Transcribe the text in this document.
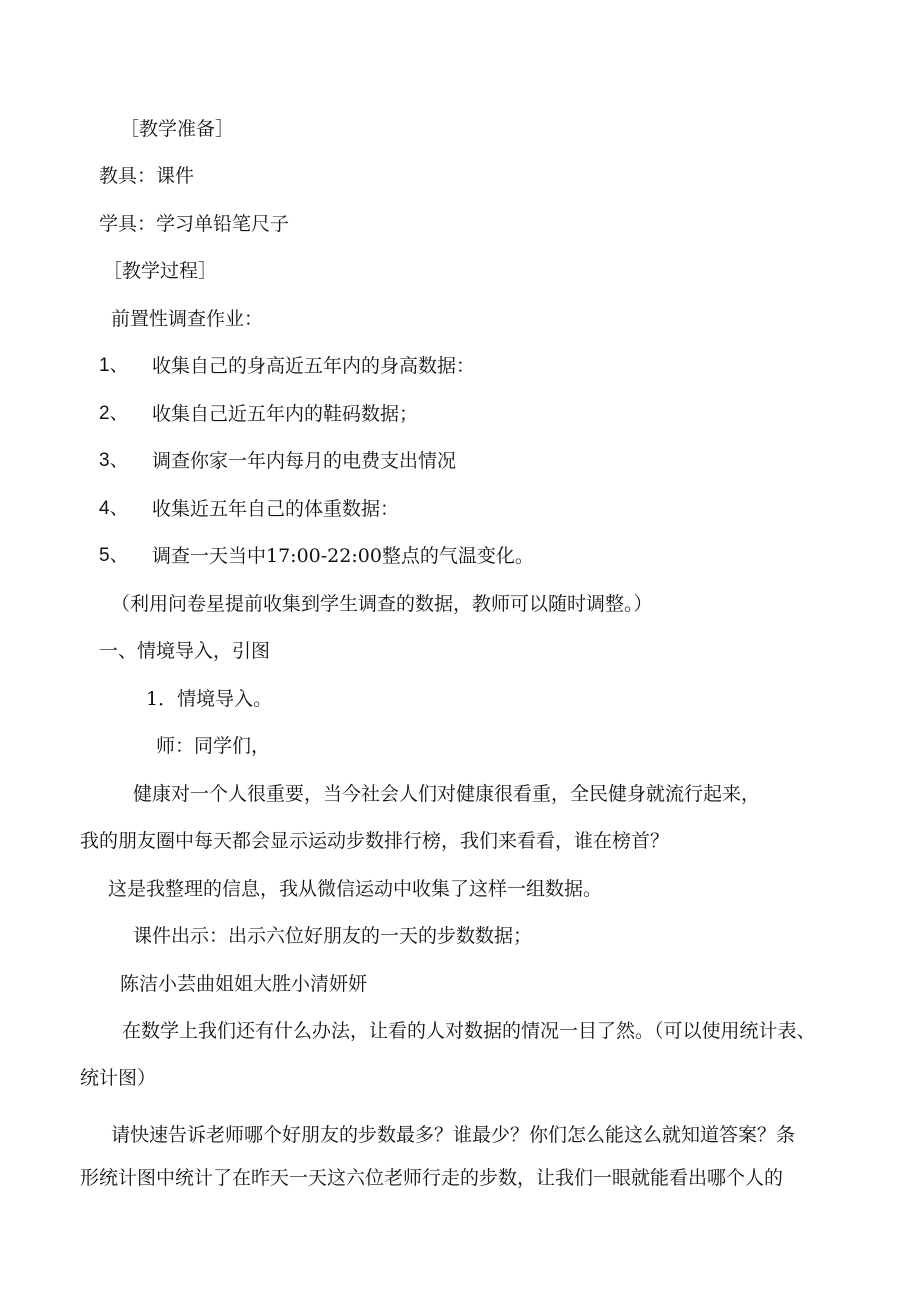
［教学准备］
教具：课件
学具：学习单铅笔尺子
［教学过程］
前置性调查作业：
1、 收集自己的身高近五年内的身高数据：
2、 收集自己近五年内的鞋码数据；
3、 调查你家一年内每月的电费支出情况
4、 收集近五年自己的体重数据：
5、 调查一天当中17:00-22:00整点的气温变化。
（利用问卷星提前收集到学生调查的数据，教师可以随时调整。）
一、情境导入，引图
1．情境导入。
师：同学们，
健康对一个人很重要，当今社会人们对健康很看重，全民健身就流行起来，
我的朋友圈中每天都会显示运动步数排行榜，我们来看看，谁在榜首？
这是我整理的信息，我从微信运动中收集了这样一组数据。
课件出示：出示六位好朋友的一天的步数数据；
陈洁小芸曲姐姐大胜小清妍妍
在数学上我们还有什么办法，让看的人对数据的情况一目了然。（可以使用统计表、
统计图）
请快速告诉老师哪个好朋友的步数最多？谁最少？你们怎么能这么就知道答案？条
形统计图中统计了在昨天一天这六位老师行走的步数，让我们一眼就能看出哪个人的
